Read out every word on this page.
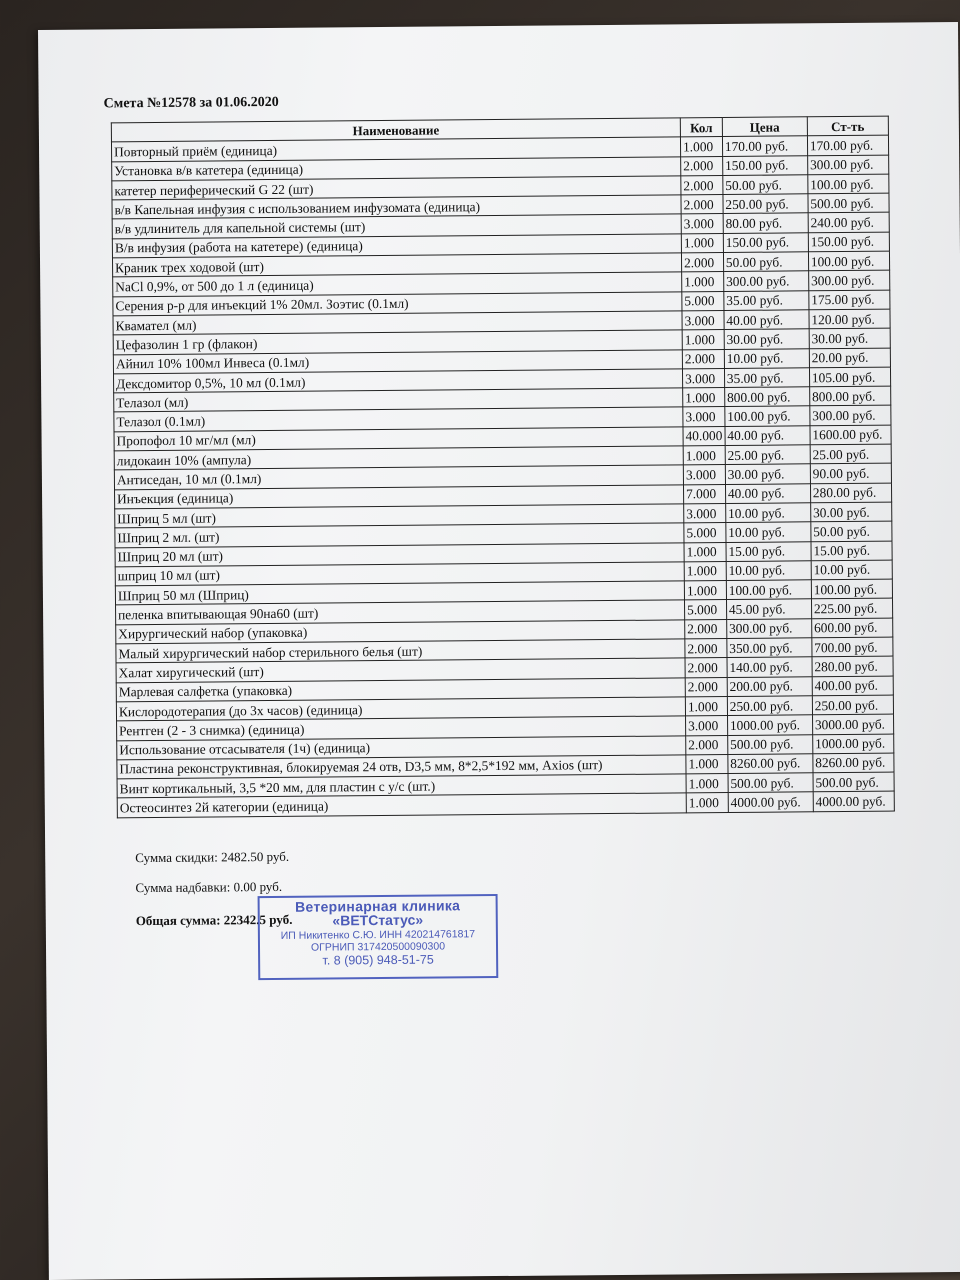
Смета №12578 за 01.06.2020
Наименование	Кол	Цена	Ст-ть
Повторный приём (единица)	1.000	170.00 руб.	170.00 руб.
Установка в/в катетера (единица)	2.000	150.00 руб.	300.00 руб.
катетер периферический G 22 (шт)	2.000	50.00 руб.	100.00 руб.
в/в Капельная инфузия с использованием инфузомата (единица)	2.000	250.00 руб.	500.00 руб.
в/в удлинитель для капельной системы (шт)	3.000	80.00 руб.	240.00 руб.
В/в инфузия (работа на катетере) (единица)	1.000	150.00 руб.	150.00 руб.
Краник трех ходовой (шт)	2.000	50.00 руб.	100.00 руб.
NaCl 0,9%, от 500 до 1 л (единица)	1.000	300.00 руб.	300.00 руб.
Серения р-р для инъекций 1% 20мл. Зоэтис (0.1мл)	5.000	35.00 руб.	175.00 руб.
Квамател (мл)	3.000	40.00 руб.	120.00 руб.
Цефазолин 1 гр (флакон)	1.000	30.00 руб.	30.00 руб.
Айнил 10% 100мл Инвеса (0.1мл)	2.000	10.00 руб.	20.00 руб.
Дексдомитор 0,5%, 10 мл (0.1мл)	3.000	35.00 руб.	105.00 руб.
Телазол (мл)	1.000	800.00 руб.	800.00 руб.
Телазол (0.1мл)	3.000	100.00 руб.	300.00 руб.
Пропофол 10 мг/мл (мл)	40.000	40.00 руб.	1600.00 руб.
лидокаин 10% (ампула)	1.000	25.00 руб.	25.00 руб.
Антиседан, 10 мл (0.1мл)	3.000	30.00 руб.	90.00 руб.
Инъекция (единица)	7.000	40.00 руб.	280.00 руб.
Шприц 5 мл (шт)	3.000	10.00 руб.	30.00 руб.
Шприц 2 мл. (шт)	5.000	10.00 руб.	50.00 руб.
Шприц 20 мл (шт)	1.000	15.00 руб.	15.00 руб.
шприц 10 мл (шт)	1.000	10.00 руб.	10.00 руб.
Шприц 50 мл (Шприц)	1.000	100.00 руб.	100.00 руб.
пеленка впитывающая 90на60 (шт)	5.000	45.00 руб.	225.00 руб.
Хирургический набор (упаковка)	2.000	300.00 руб.	600.00 руб.
Малый хирургический набор стерильного белья (шт)	2.000	350.00 руб.	700.00 руб.
Халат хиругический (шт)	2.000	140.00 руб.	280.00 руб.
Марлевая салфетка (упаковка)	2.000	200.00 руб.	400.00 руб.
Кислородотерапия (до 3х часов) (единица)	1.000	250.00 руб.	250.00 руб.
Рентген (2 - 3 снимка) (единица)	3.000	1000.00 руб.	3000.00 руб.
Использование отсасывателя (1ч) (единица)	2.000	500.00 руб.	1000.00 руб.
Пластина реконструктивная, блокируемая 24 отв, D3,5 мм, 8*2,5*192 мм, Axios (шт)	1.000	8260.00 руб.	8260.00 руб.
Винт кортикальный, 3,5 *20 мм, для пластин с у/с (шт.)	1.000	500.00 руб.	500.00 руб.
Остеосинтез 2й категории (единица)	1.000	4000.00 руб.	4000.00 руб.
Сумма скидки: 2482.50 руб.
Сумма надбавки: 0.00 руб.
Общая сумма: 22342.5 руб.
Ветеринарная клиника
«ВЕТСтатус»
ИП Никитенко С.Ю. ИНН 420214761817
ОГРНИП 317420500090300
т. 8 (905) 948-51-75
